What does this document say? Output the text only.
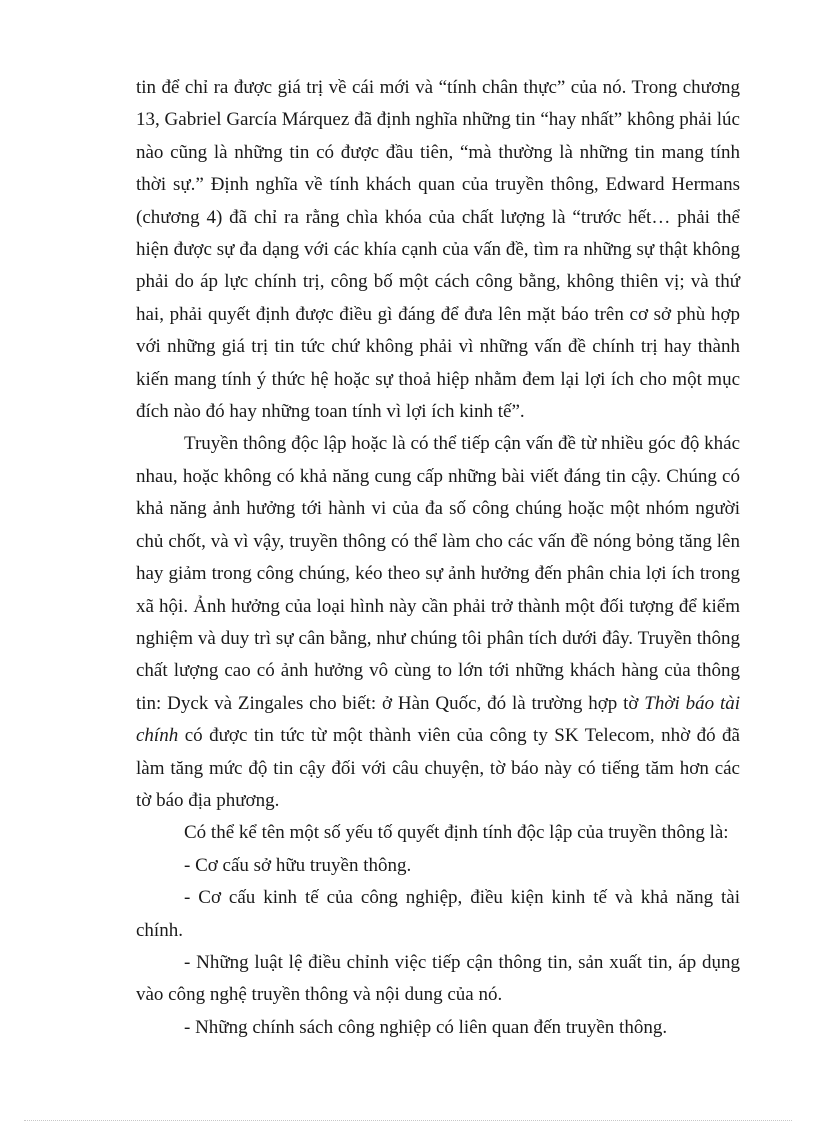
tin để chỉ ra được giá trị về cái mới và “tính chân thực” của nó. Trong chương 13, Gabriel García Márquez đã định nghĩa những tin “hay nhất” không phải lúc nào cũng là những tin có được đầu tiên, “mà thường là những tin mang tính thời sự.” Định nghĩa về tính khách quan của truyền thông, Edward Hermans (chương 4) đã chỉ ra rằng chìa khóa của chất lượng là “trước hết… phải thể hiện được sự đa dạng với các khía cạnh của vấn đề, tìm ra những sự thật không phải do áp lực chính trị, công bố một cách công bằng, không thiên vị; và thứ hai, phải quyết định được điều gì đáng để đưa lên mặt báo trên cơ sở phù hợp với những giá trị tin tức chứ không phải vì những vấn đề chính trị hay thành kiến mang tính ý thức hệ hoặc sự thoả hiệp nhằm đem lại lợi ích cho một mục đích nào đó hay những toan tính vì lợi ích kinh tế”.

Truyền thông độc lập hoặc là có thể tiếp cận vấn đề từ nhiều góc độ khác nhau, hoặc không có khả năng cung cấp những bài viết đáng tin cậy. Chúng có khả năng ảnh hưởng tới hành vi của đa số công chúng hoặc một nhóm người chủ chốt, và vì vậy, truyền thông có thể làm cho các vấn đề nóng bỏng tăng lên hay giảm trong công chúng, kéo theo sự ảnh hưởng đến phân chia lợi ích trong xã hội. Ảnh hưởng của loại hình này cần phải trở thành một đối tượng để kiểm nghiệm và duy trì sự cân bằng, như chúng tôi phân tích dưới đây. Truyền thông chất lượng cao có ảnh hưởng vô cùng to lớn tới những khách hàng của thông tin: Dyck và Zingales cho biết: ở Hàn Quốc, đó là trường hợp tờ Thời báo tài chính có được tin tức từ một thành viên của công ty SK Telecom, nhờ đó đã làm tăng mức độ tin cậy đối với câu chuyện, tờ báo này có tiếng tăm hơn các tờ báo địa phương.

Có thể kể tên một số yếu tố quyết định tính độc lập của truyền thông là:

- Cơ cấu sở hữu truyền thông.

- Cơ cấu kinh tế của công nghiệp, điều kiện kinh tế và khả năng tài chính.

- Những luật lệ điều chỉnh việc tiếp cận thông tin, sản xuất tin, áp dụng vào công nghệ truyền thông và nội dung của nó.

- Những chính sách công nghiệp có liên quan đến truyền thông.
